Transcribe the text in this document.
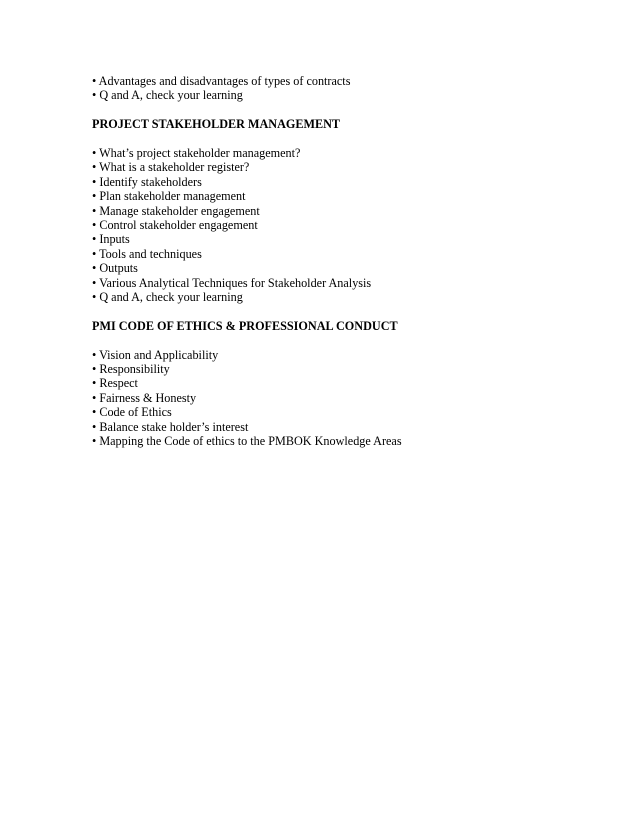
• Advantages and disadvantages of types of contracts
• Q and A, check your learning
PROJECT STAKEHOLDER MANAGEMENT
• What’s project stakeholder management?
• What is a stakeholder register?
• Identify stakeholders
• Plan stakeholder management
• Manage stakeholder engagement
• Control stakeholder engagement
• Inputs
• Tools and techniques
• Outputs
• Various Analytical Techniques for Stakeholder Analysis
• Q and A, check your learning
PMI CODE OF ETHICS & PROFESSIONAL CONDUCT
• Vision and Applicability
• Responsibility
• Respect
• Fairness & Honesty
• Code of Ethics
• Balance stake holder’s interest
• Mapping the Code of ethics to the PMBOK Knowledge Areas
